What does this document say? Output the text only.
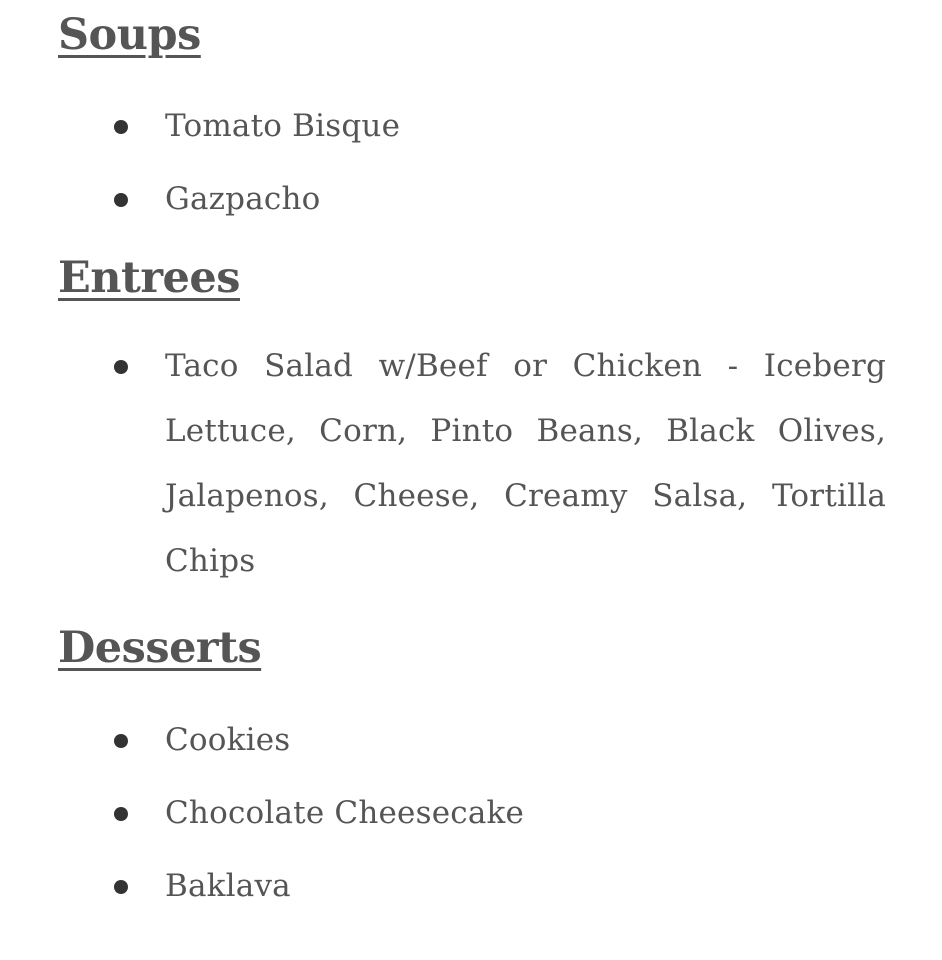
Soups
Tomato Bisque
Gazpacho
Entrees
Taco Salad w/Beef or Chicken - Iceberg Lettuce, Corn, Pinto Beans, Black Olives, Jalapenos, Cheese, Creamy Salsa, Tortilla Chips
Desserts
Cookies
Chocolate Cheesecake
Baklava
